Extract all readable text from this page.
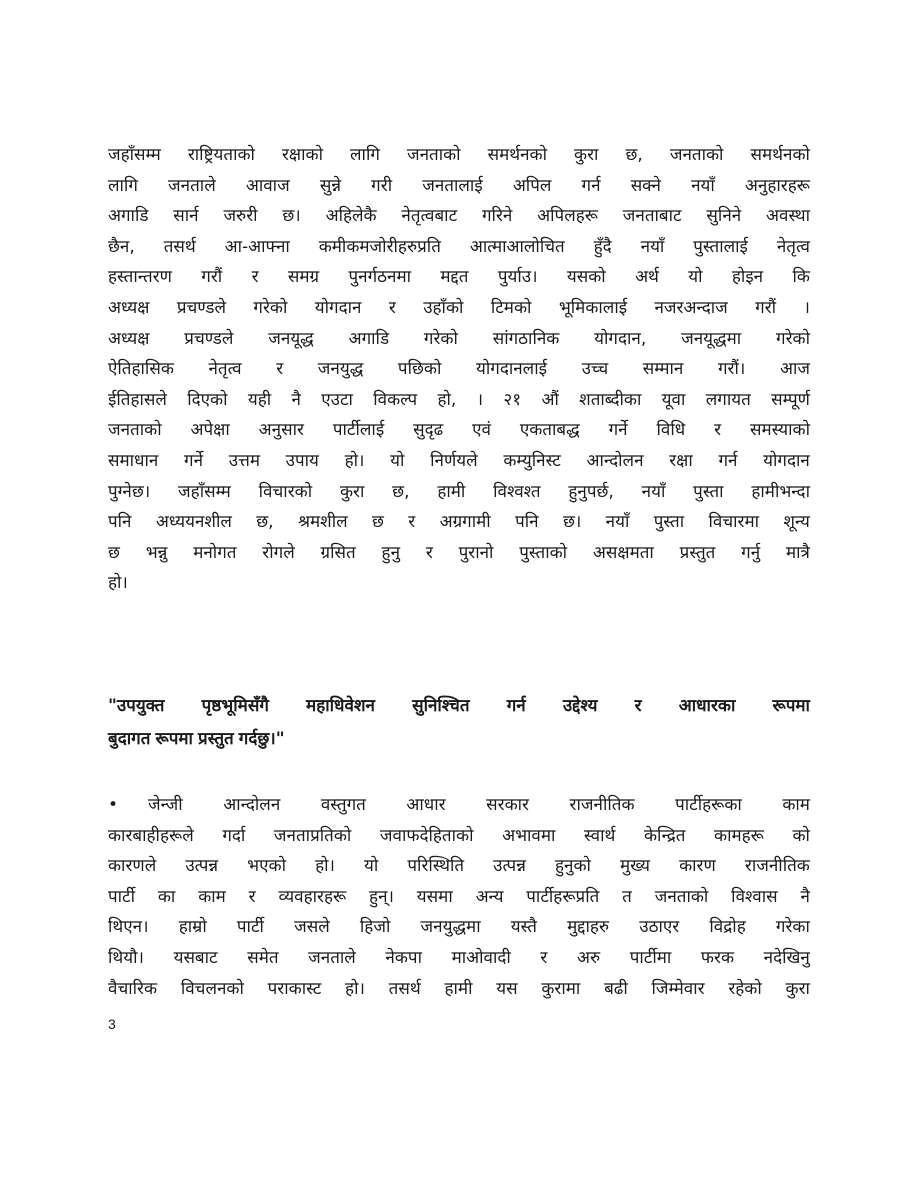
जहाँसम्म राष्ट्रियताको रक्षाको लागि जनताको समर्थनको कुरा छ, जनताको समर्थनको
लागि जनताले आवाज सुन्ने गरी जनतालाई अपिल गर्न सक्ने नयाँ अनुहारहरू
अगाडि सार्न जरुरी छ। अहिलेकै नेतृत्वबाट गरिने अपिलहरू जनताबाट सुनिने अवस्था
छैन, तसर्थ आ-आफ्ना कमीकमजोरीहरुप्रति आत्माआलोचित हुँदै नयाँ पुस्तालाई नेतृत्व
हस्तान्तरण गरौं र समग्र पुनर्गठनमा मद्दत पुर्याउ। यसको अर्थ यो होइन कि
अध्यक्ष प्रचण्डले गरेको योगदान र उहाँको टिमको भूमिकालाई नजरअन्दाज गरौं ।
अध्यक्ष प्रचण्डले जनयूद्ध अगाडि गरेको सांगठानिक योगदान, जनयूद्धमा गरेको
ऐतिहासिक नेतृत्व र जनयुद्ध पछिको योगदानलाई उच्च सम्मान गरौं। आज
ईतिहासले दिएको यही नै एउटा विकल्प हो, । २१ औं शताब्दीका यूवा लगायत सम्पूर्ण
जनताको अपेक्षा अनुसार पार्टीलाई सुदृढ एवं एकताबद्ध गर्ने विधि र समस्याको
समाधान गर्ने उत्तम उपाय हो। यो निर्णयले कम्युनिस्ट आन्दोलन रक्षा गर्न योगदान
पुग्नेछ। जहाँसम्म विचारको कुरा छ, हामी विश्वश्त हुनुपर्छ, नयाँ पुस्ता हामीभन्दा
पनि अध्ययनशील छ, श्रमशील छ र अग्रगामी पनि छ। नयाँ पुस्ता विचारमा शून्य
छ भन्नु मनोगत रोगले ग्रसित हुनु र पुरानो पुस्ताको असक्षमता प्रस्तुत गर्नु मात्रै
हो।
"उपयुक्त पृष्ठभूमिसँगै महाधिवेशन सुनिश्चित गर्न उद्देश्य र आधारका रूपमा
बुदागत रूपमा प्रस्तुत गर्दछु।"
•	जेन्जी आन्दोलन वस्तुगत आधार सरकार राजनीतिक पार्टीहरूका काम
कारबाहीहरूले गर्दा जनताप्रतिको जवाफदेहिताको अभावमा स्वार्थ केन्द्रित कामहरू को
कारणले उत्पन्न भएको हो। यो परिस्थिति उत्पन्न हुनुको मुख्य कारण राजनीतिक
पार्टी का काम र व्यवहारहरू हुन्। यसमा अन्य पार्टीहरूप्रति त जनताको विश्वास नै
थिएन। हाम्रो पार्टी जसले हिजो जनयुद्धमा यस्तै मुद्दाहरु उठाएर विद्रोह गरेका
थियौ। यसबाट समेत जनताले नेकपा माओवादी र अरु पार्टीमा फरक नदेखिनु
वैचारिक विचलनको पराकास्ट हो। तसर्थ हामी यस कुरामा बढी जिम्मेवार रहेको कुरा
3
